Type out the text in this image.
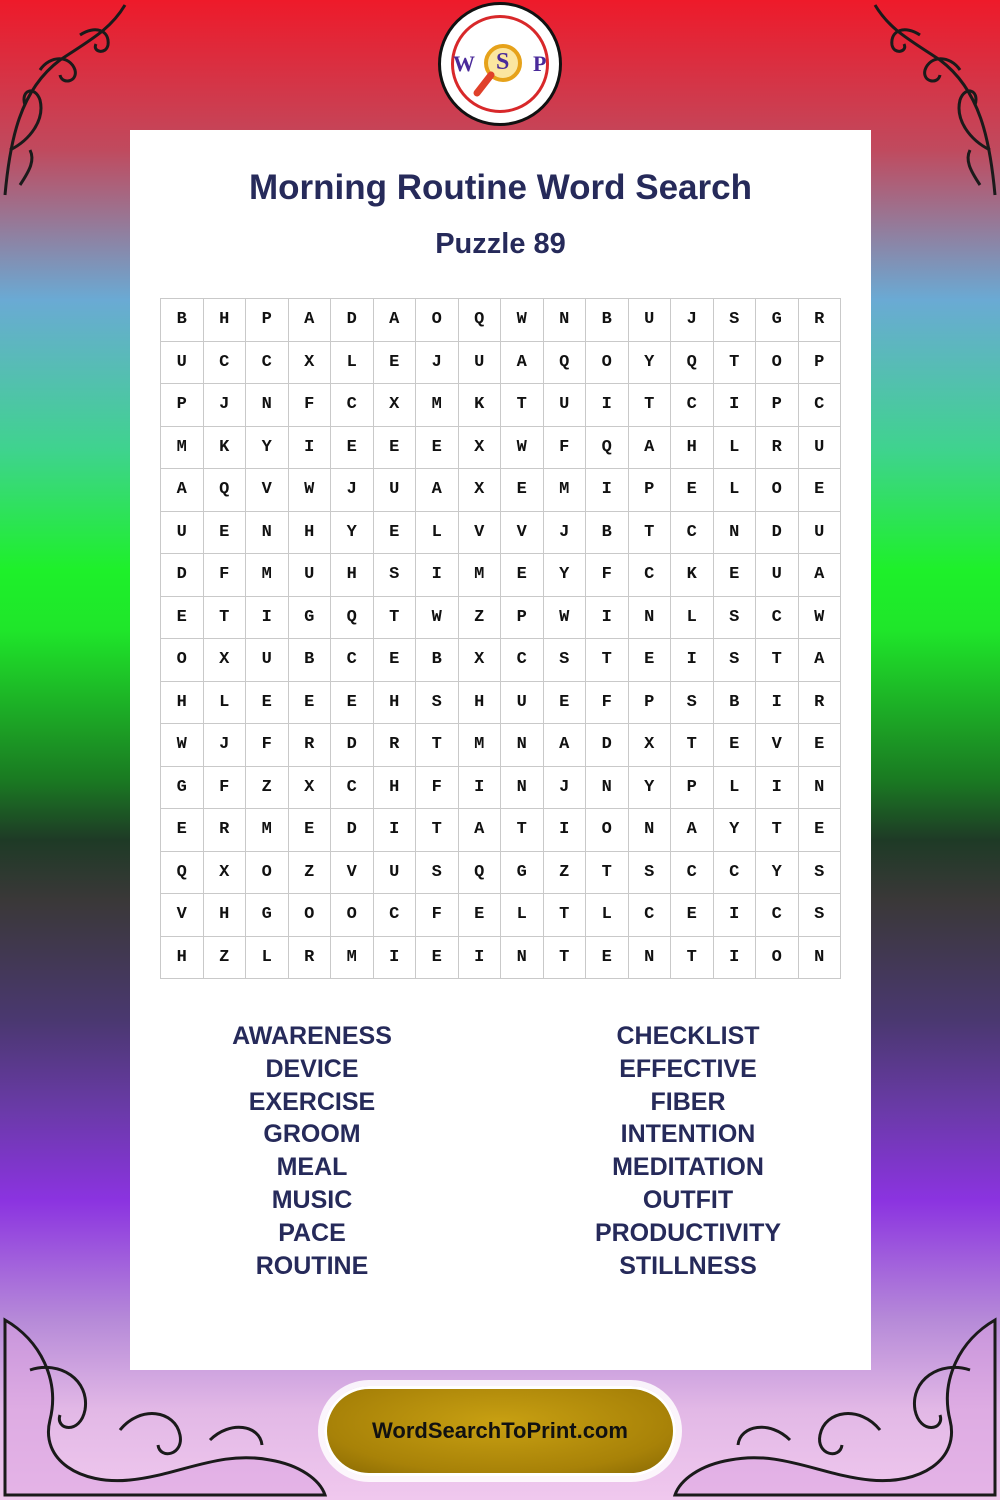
Morning Routine Word Search
Puzzle 89
B	H	P	A	D	A	O	Q	W	N	B	U	J	S	G	R
U	C	C	X	L	E	J	U	A	Q	O	Y	Q	T	O	P
P	J	N	F	C	X	M	K	T	U	I	T	C	I	P	C
M	K	Y	I	E	E	E	X	W	F	Q	A	H	L	R	U
A	Q	V	W	J	U	A	X	E	M	I	P	E	L	O	E
U	E	N	H	Y	E	L	V	V	J	B	T	C	N	D	U
D	F	M	U	H	S	I	M	E	Y	F	C	K	E	U	A
E	T	I	G	Q	T	W	Z	P	W	I	N	L	S	C	W
O	X	U	B	C	E	B	X	C	S	T	E	I	S	T	A
H	L	E	E	E	H	S	H	U	E	F	P	S	B	I	R
W	J	F	R	D	R	T	M	N	A	D	X	T	E	V	E
G	F	Z	X	C	H	F	I	N	J	N	Y	P	L	I	N
E	R	M	E	D	I	T	A	T	I	O	N	A	Y	T	E
Q	X	O	Z	V	U	S	Q	G	Z	T	S	C	C	Y	S
V	H	G	O	O	C	F	E	L	T	L	C	E	I	C	S
H	Z	L	R	M	I	E	I	N	T	E	N	T	I	O	N
AWARENESS
DEVICE
EXERCISE
GROOM
MEAL
MUSIC
PACE
ROUTINE
CHECKLIST
EFFECTIVE
FIBER
INTENTION
MEDITATION
OUTFIT
PRODUCTIVITY
STILLNESS
W S P
WordSearchToPrint.com
